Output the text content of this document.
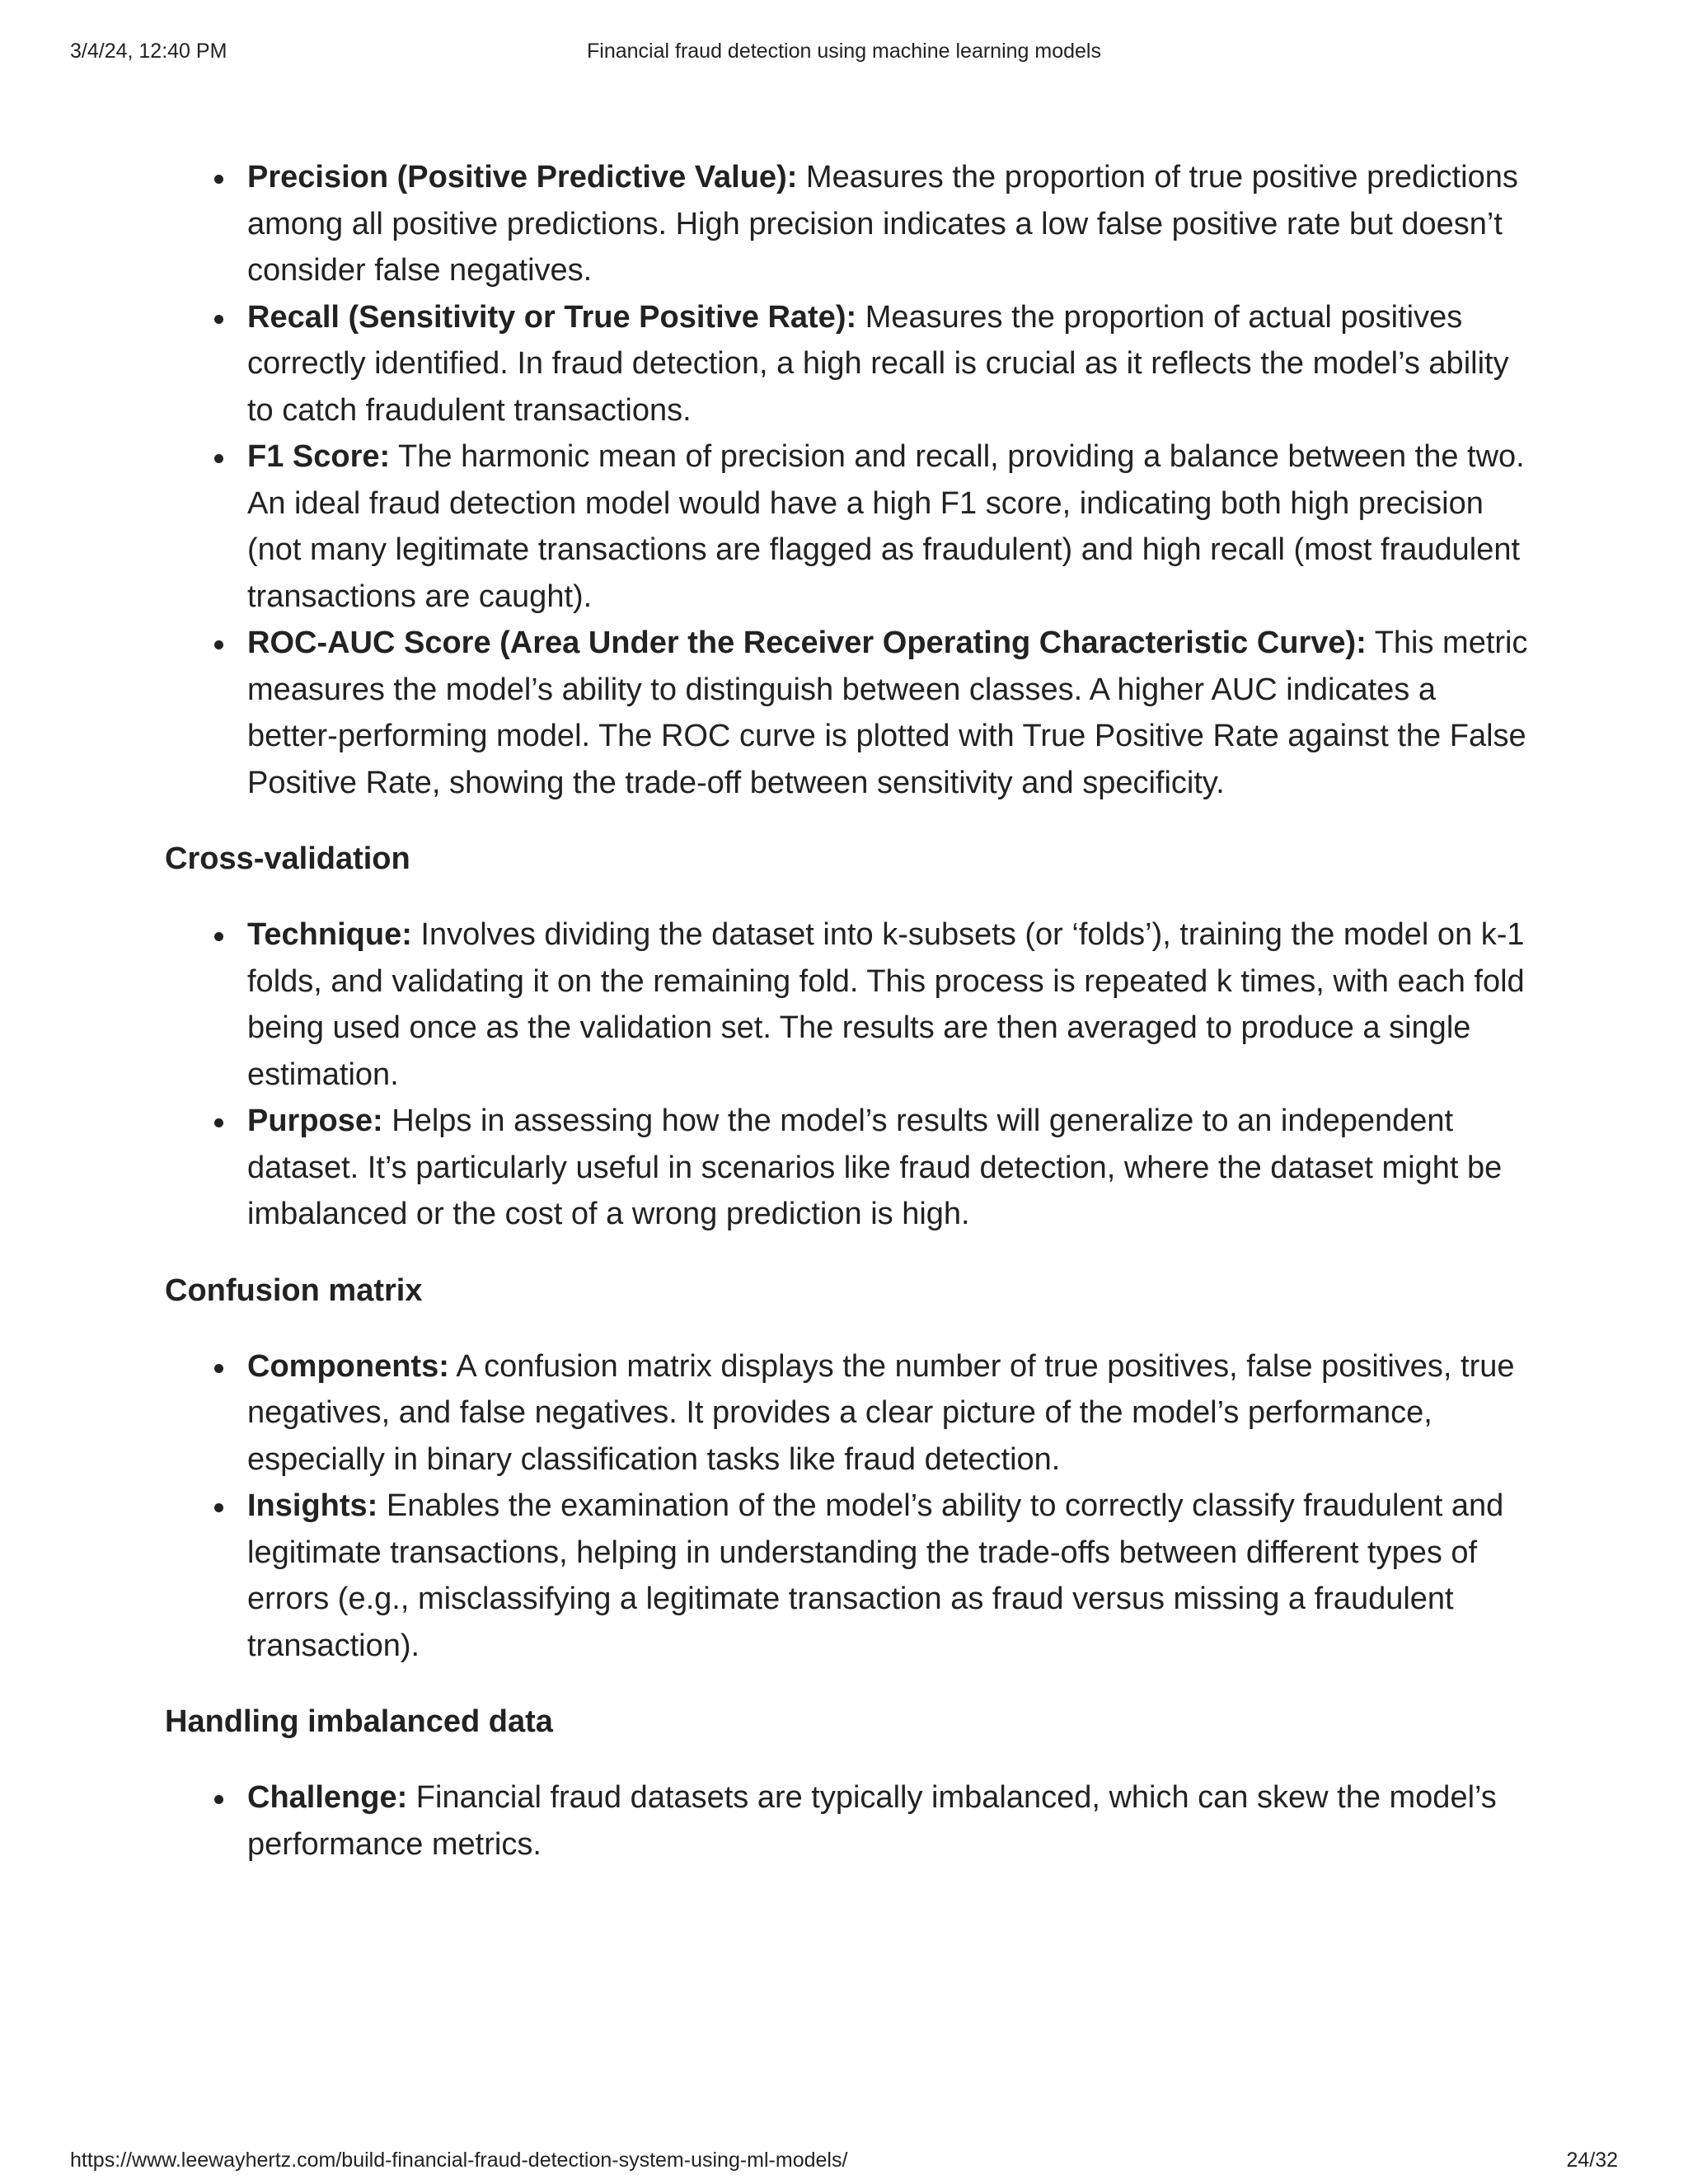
3/4/24, 12:40 PM	Financial fraud detection using machine learning models
Precision (Positive Predictive Value): Measures the proportion of true positive predictions among all positive predictions. High precision indicates a low false positive rate but doesn’t consider false negatives.
Recall (Sensitivity or True Positive Rate): Measures the proportion of actual positives correctly identified. In fraud detection, a high recall is crucial as it reflects the model’s ability to catch fraudulent transactions.
F1 Score: The harmonic mean of precision and recall, providing a balance between the two. An ideal fraud detection model would have a high F1 score, indicating both high precision (not many legitimate transactions are flagged as fraudulent) and high recall (most fraudulent transactions are caught).
ROC-AUC Score (Area Under the Receiver Operating Characteristic Curve): This metric measures the model’s ability to distinguish between classes. A higher AUC indicates a better-performing model. The ROC curve is plotted with True Positive Rate against the False Positive Rate, showing the trade-off between sensitivity and specificity.
Cross-validation
Technique: Involves dividing the dataset into k-subsets (or ‘folds’), training the model on k-1 folds, and validating it on the remaining fold. This process is repeated k times, with each fold being used once as the validation set. The results are then averaged to produce a single estimation.
Purpose: Helps in assessing how the model’s results will generalize to an independent dataset. It’s particularly useful in scenarios like fraud detection, where the dataset might be imbalanced or the cost of a wrong prediction is high.
Confusion matrix
Components: A confusion matrix displays the number of true positives, false positives, true negatives, and false negatives. It provides a clear picture of the model’s performance, especially in binary classification tasks like fraud detection.
Insights: Enables the examination of the model’s ability to correctly classify fraudulent and legitimate transactions, helping in understanding the trade-offs between different types of errors (e.g., misclassifying a legitimate transaction as fraud versus missing a fraudulent transaction).
Handling imbalanced data
Challenge: Financial fraud datasets are typically imbalanced, which can skew the model’s performance metrics.
https://www.leewayhertz.com/build-financial-fraud-detection-system-using-ml-models/	24/32
